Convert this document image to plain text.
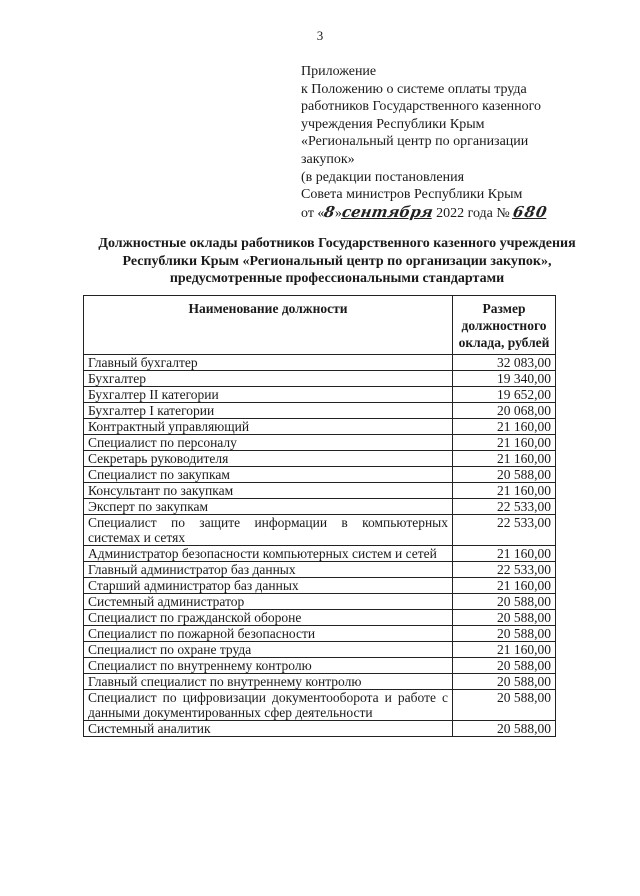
3
Приложение
к Положению о системе оплаты труда
работников Государственного казенного
учреждения Республики Крым
«Региональный центр по организации
закупок»
(в редакции постановления
Совета министров Республики Крым
от «8»сентября 2022 года № 680
Должностные оклады работников Государственного казенного учреждения Республики Крым «Региональный центр по организации закупок», предусмотренные профессиональными стандартами
Наименование должности	Размер должностного оклада, рублей
Главный бухгалтер	32 083,00
Бухгалтер	19 340,00
Бухгалтер II категории	19 652,00
Бухгалтер I категории	20 068,00
Контрактный управляющий	21 160,00
Специалист по персоналу	21 160,00
Секретарь руководителя	21 160,00
Специалист по закупкам	20 588,00
Консультант по закупкам	21 160,00
Эксперт по закупкам	22 533,00
Специалист по защите информации в компьютерных системах и сетях	22 533,00
Администратор безопасности компьютерных систем и сетей	21 160,00
Главный администратор баз данных	22 533,00
Старший администратор баз данных	21 160,00
Системный администратор	20 588,00
Специалист по гражданской обороне	20 588,00
Специалист по пожарной безопасности	20 588,00
Специалист по охране труда	21 160,00
Специалист по внутреннему контролю	20 588,00
Главный специалист по внутреннему контролю	20 588,00
Специалист по цифровизации документооборота и работе с данными документированных сфер деятельности	20 588,00
Системный аналитик	20 588,00
